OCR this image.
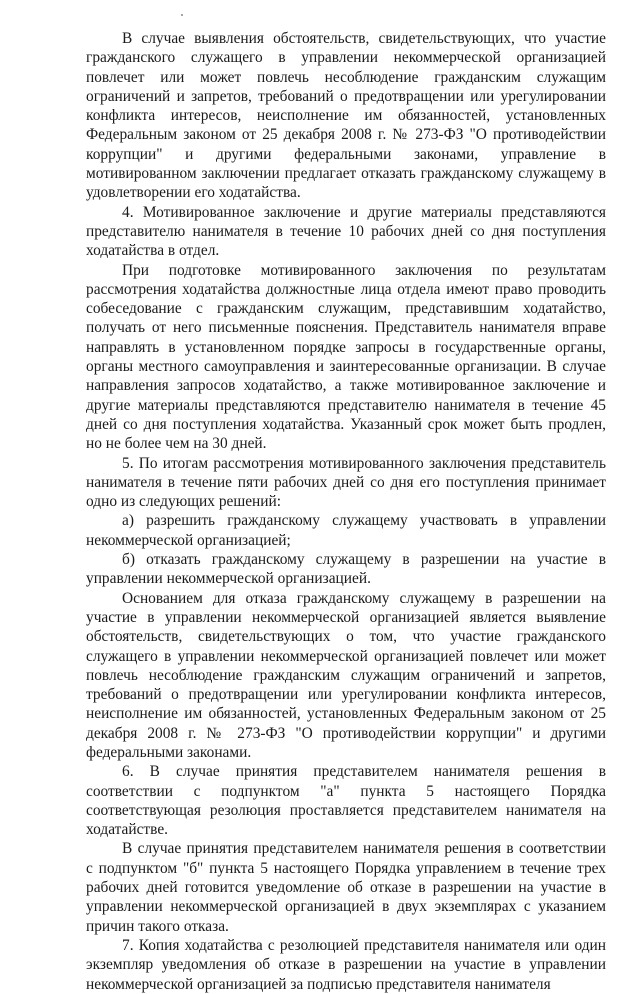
В случае выявления обстоятельств, свидетельствующих, что участие гражданского служащего в управлении некоммерческой организацией повлечет или может повлечь несоблюдение гражданским служащим ограничений и запретов, требований о предотвращении или урегулировании конфликта интересов, неисполнение им обязанностей, установленных Федеральным законом от 25 декабря 2008 г. № 273-ФЗ "О противодействии коррупции" и другими федеральными законами, управление в мотивированном заключении предлагает отказать гражданскому служащему в удовлетворении его ходатайства.

4. Мотивированное заключение и другие материалы представляются представителю нанимателя в течение 10 рабочих дней со дня поступления ходатайства в отдел.

При подготовке мотивированного заключения по результатам рассмотрения ходатайства должностные лица отдела имеют право проводить собеседование с гражданским служащим, представившим ходатайство, получать от него письменные пояснения. Представитель нанимателя вправе направлять в установленном порядке запросы в государственные органы, органы местного самоуправления и заинтересованные организации. В случае направления запросов ходатайство, а также мотивированное заключение и другие материалы представляются представителю нанимателя в течение 45 дней со дня поступления ходатайства. Указанный срок может быть продлен, но не более чем на 30 дней.

5. По итогам рассмотрения мотивированного заключения представитель нанимателя в течение пяти рабочих дней со дня его поступления принимает одно из следующих решений:

а) разрешить гражданскому служащему участвовать в управлении некоммерческой организацией;

б) отказать гражданскому служащему в разрешении на участие в управлении некоммерческой организацией.

Основанием для отказа гражданскому служащему в разрешении на участие в управлении некоммерческой организацией является выявление обстоятельств, свидетельствующих о том, что участие гражданского служащего в управлении некоммерческой организацией повлечет или может повлечь несоблюдение гражданским служащим ограничений и запретов, требований о предотвращении или урегулировании конфликта интересов, неисполнение им обязанностей, установленных Федеральным законом от 25 декабря 2008 г. № 273-ФЗ "О противодействии коррупции" и другими федеральными законами.

6. В случае принятия представителем нанимателя решения в соответствии с подпунктом "а" пункта 5 настоящего Порядка соответствующая резолюция проставляется представителем нанимателя на ходатайстве.

В случае принятия представителем нанимателя решения в соответствии с подпунктом "б" пункта 5 настоящего Порядка управлением в течение трех рабочих дней готовится уведомление об отказе в разрешении на участие в управлении некоммерческой организацией в двух экземплярах с указанием причин такого отказа.

7. Копия ходатайства с резолюцией представителя нанимателя или один экземпляр уведомления об отказе в разрешении на участие в управлении некоммерческой организацией за подписью представителя нанимателя
